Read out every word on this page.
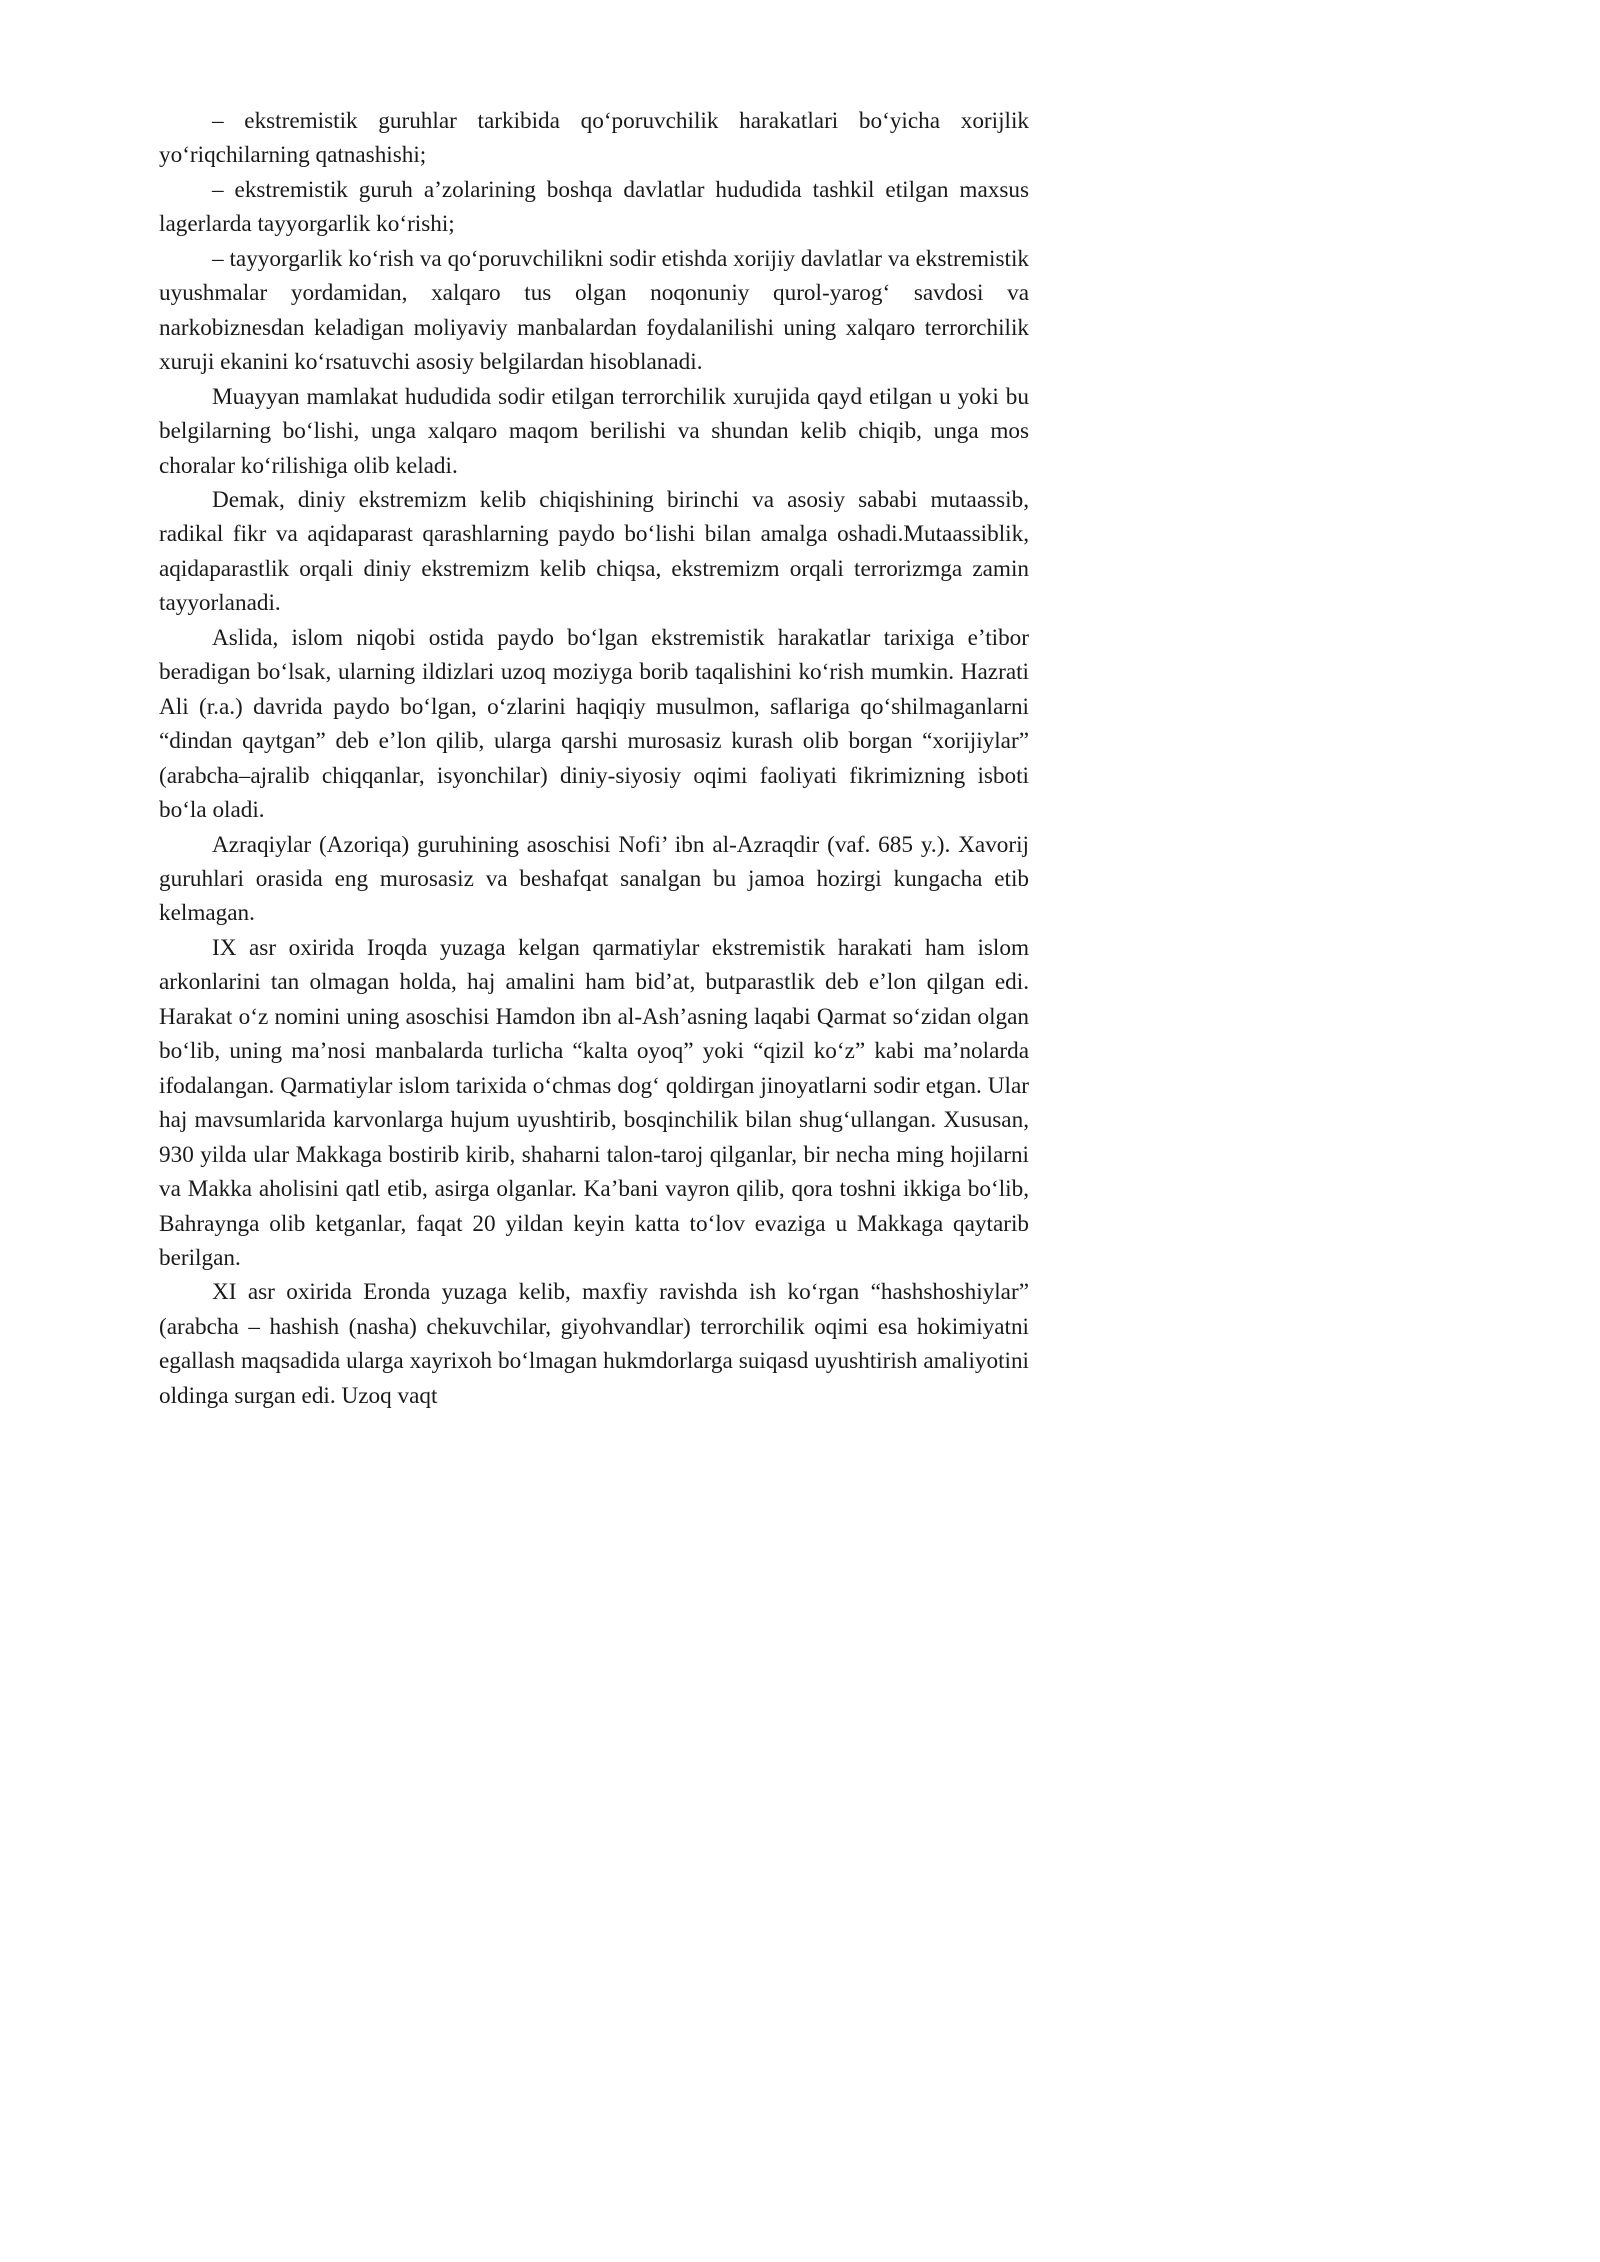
– ekstremistik guruhlar tarkibida qo‘poruvchilik harakatlari bo‘yicha xorijlik yo‘riqchilarning qatnashishi;

– ekstremistik guruh a’zolarining boshqa davlatlar hududida tashkil etilgan maxsus lagerlarda tayyorgarlik ko‘rishi;

– tayyorgarlik ko‘rish va qo‘poruvchilikni sodir etishda xorijiy davlatlar va ekstremistik uyushmalar yordamidan, xalqaro tus olgan noqonuniy qurol-yarog‘ savdosi va narkobiznesdan keladigan moliyaviy manbalardan foydalanilishi uning xalqaro terrorchilik xuruji ekanini ko‘rsatuvchi asosiy belgilardan hisoblanadi.

Muayyan mamlakat hududida sodir etilgan terrorchilik xurujida qayd etilgan u yoki bu belgilarning bo‘lishi, unga xalqaro maqom berilishi va shundan kelib chiqib, unga mos choralar ko‘rilishiga olib keladi.

Demak, diniy ekstremizm kelib chiqishining birinchi va asosiy sababi mutaassib, radikal fikr va aqidaparast qarashlarning paydo bo‘lishi bilan amalga oshadi.Mutaassiblik, aqidaparastlik orqali diniy ekstremizm kelib chiqsa, ekstremizm orqali terrorizmga zamin tayyorlanadi.

Aslida, islom niqobi ostida paydo bo‘lgan ekstremistik harakatlar tarixiga e’tibor beradigan bo‘lsak, ularning ildizlari uzoq moziyga borib taqalishini ko‘rish mumkin. Hazrati Ali (r.a.) davrida paydo bo‘lgan, o‘zlarini haqiqiy musulmon, saflariga qo‘shilmaganlarni “dindan qaytgan” deb e’lon qilib, ularga qarshi murosasiz kurash olib borgan “xorijiylar” (arabcha–ajralib chiqqanlar, isyonchilar) diniy-siyosiy oqimi faoliyati fikrimizning isboti bo‘la oladi.

Azraqiylar (Azoriqa) guruhining asoschisi Nofi’ ibn al-Azraqdir (vaf. 685 y.). Xavorij guruhlari orasida eng murosasiz va beshafqat sanalgan bu jamoa hozirgi kungacha etib kelmagan.

IX asr oxirida Iroqda yuzaga kelgan qarmatiylar ekstremistik harakati ham islom arkonlarini tan olmagan holda, haj amalini ham bid’at, butparastlik deb e’lon qilgan edi. Harakat o‘z nomini uning asoschisi Hamdon ibn al-Ash’asning laqabi Qarmat so‘zidan olgan bo‘lib, uning ma’nosi manbalarda turlicha “kalta oyoq” yoki “qizil ko‘z” kabi ma’nolarda ifodalangan. Qarmatiylar islom tarixida o‘chmas dog‘ qoldirgan jinoyatlarni sodir etgan. Ular haj mavsumlarida karvonlarga hujum uyushtirib, bosqinchilik bilan shug‘ullangan. Xususan, 930 yilda ular Makkaga bostirib kirib, shaharni talon-taroj qilganlar, bir necha ming hojilarni va Makka aholisini qatl etib, asirga olganlar. Ka’bani vayron qilib, qora toshni ikkiga bo‘lib, Bahraynga olib ketganlar, faqat 20 yildan keyin katta to‘lov evaziga u Makkaga qaytarib berilgan.

XI asr oxirida Eronda yuzaga kelib, maxfiy ravishda ish ko‘rgan “hashshoshiylar” (arabcha – hashish (nasha) chekuvchilar, giyohvandlar) terrorchilik oqimi esa hokimiyatni egallash maqsadida ularga xayrixoh bo‘lmagan hukmdorlarga suiqasd uyushtirish amaliyotini oldinga surgan edi. Uzoq vaqt
